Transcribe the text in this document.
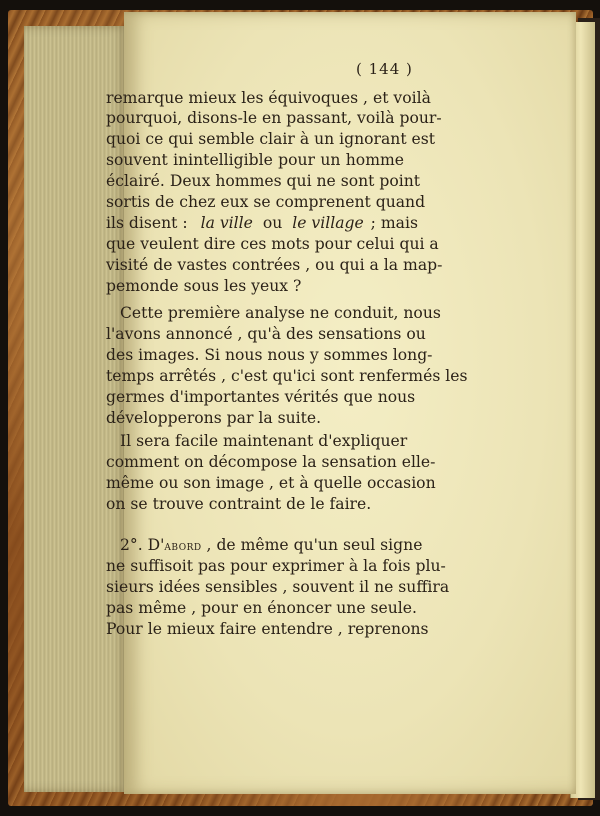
( 144 )
remarque mieux les équivoques , et voilà
pourquoi, disons-le en passant, voilà pour-
quoi ce qui semble clair à un ignorant est
souvent inintelligible pour un homme
éclairé. Deux hommes qui ne sont point
sortis de chez eux se comprenent quand
ils disent : la ville ou le village ; mais
que veulent dire ces mots pour celui qui a
visité de vastes contrées , ou qui a la map-
pemonde sous les yeux ?
Cette première analyse ne conduit, nous
l'avons annoncé , qu'à des sensations ou
des images. Si nous nous y sommes long-
temps arrêtés , c'est qu'ici sont renfermés les
germes d'importantes vérités que nous
développerons par la suite.
Il sera facile maintenant d'expliquer
comment on décompose la sensation elle-
même ou son image , et à quelle occasion
on se trouve contraint de le faire.
2°. D'abord , de même qu'un seul signe
ne suffisoit pas pour exprimer à la fois plu-
sieurs idées sensibles , souvent il ne suffira
pas même , pour en énoncer une seule.
Pour le mieux faire entendre , reprenons
